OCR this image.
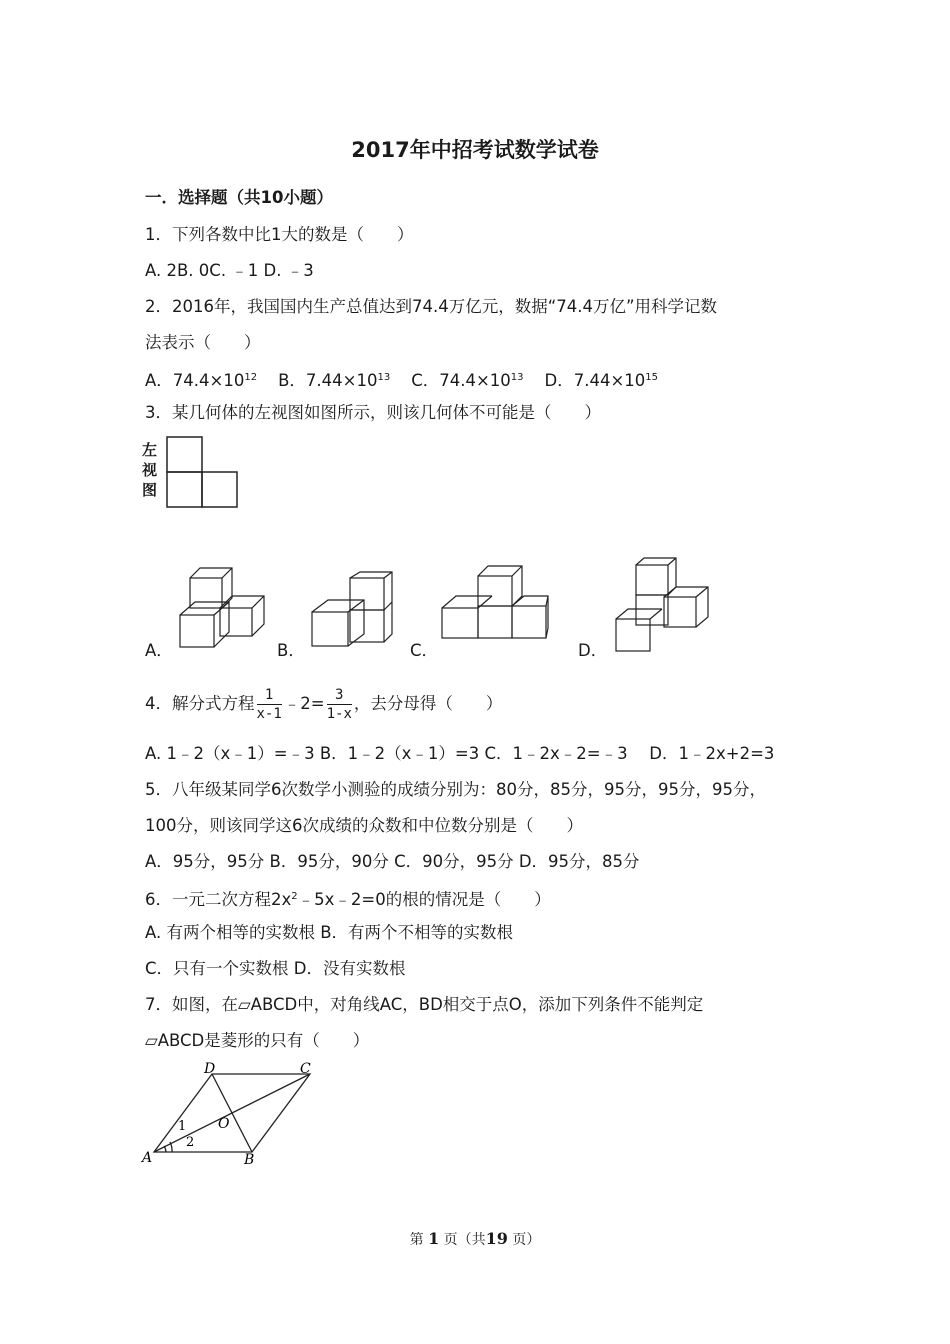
2017年中招考试数学试卷
一．选择题（共10小题）
1．下列各数中比1大的数是（　　）
A. 2B. 0C. ﹣1 D. ﹣3
2．2016年，我国国内生产总值达到74.4万亿元，数据“74.4万亿”用科学记数
法表示（　　）
A．$74.4\times 10^{12}$ B．$7.44\times 10^{13}$ C．$74.4\times 10^{13}$ D．$7.44\times 10^{15}$
3．某几何体的左视图如图所示，则该几何体不可能是（　　）
左
视
图
A．	B．	C．	D．
4．解分式方程 $\frac{1}{x-1}$ ﹣2= $\frac{3}{1-x}$ ，去分母得（　　）
A. 1﹣2（x﹣1）=﹣3 B．1﹣2（x﹣1）=3 C．1﹣2x﹣2=﹣3　 D．1﹣2x+2=3
5．八年级某同学6次数学小测验的成绩分别为：80分，85分，95分，95分，95分，
100分，则该同学这6次成绩的众数和中位数分别是（　　）
A．95分，95分 B．95分，90分 C．90分，95分 D．95分，85分
6．一元二次方程$2x^2﹣5x﹣2=0$的根的情况是（　　）
A. 有两个相等的实数根 B．有两个不相等的实数根
C．只有一个实数根 D．没有实数根
7．如图，在▱ABCD中，对角线AC，BD相交于点O，添加下列条件不能判定
▱ABCD是菱形的只有（　　）
A	B
C
D
O
1
2
第 1 页（共19 页）
